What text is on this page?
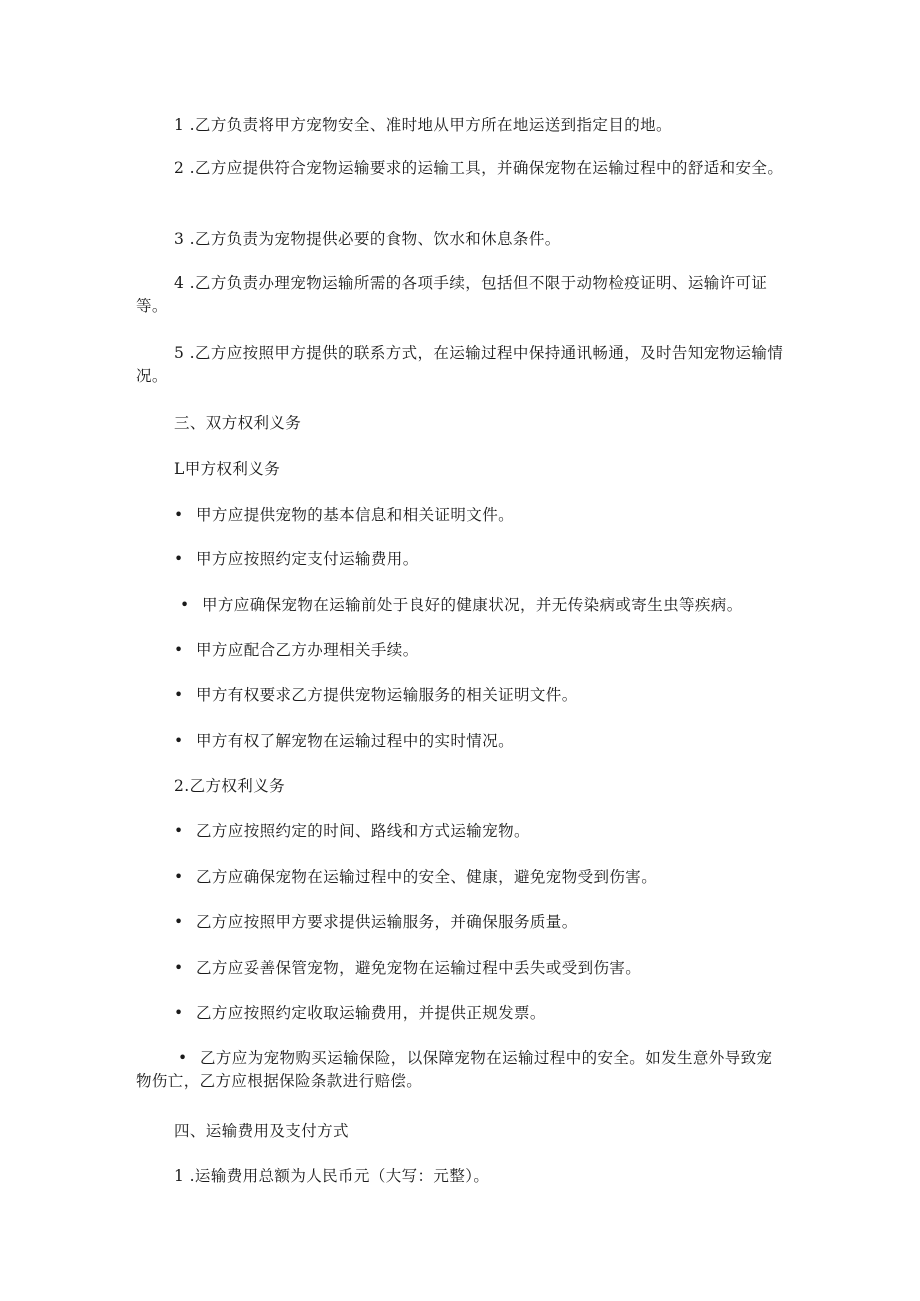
1 .乙方负责将甲方宠物安全、准时地从甲方所在地运送到指定目的地。

2 .乙方应提供符合宠物运输要求的运输工具，并确保宠物在运输过程中的舒适和安全。

3 .乙方负责为宠物提供必要的食物、饮水和休息条件。

4 .乙方负责办理宠物运输所需的各项手续，包括但不限于动物检疫证明、运输许可证等。

5 .乙方应按照甲方提供的联系方式，在运输过程中保持通讯畅通，及时告知宠物运输情况。

三、双方权利义务

L甲方权利义务

• 甲方应提供宠物的基本信息和相关证明文件。

• 甲方应按照约定支付运输费用。

• 甲方应确保宠物在运输前处于良好的健康状况，并无传染病或寄生虫等疾病。

• 甲方应配合乙方办理相关手续。

• 甲方有权要求乙方提供宠物运输服务的相关证明文件。

• 甲方有权了解宠物在运输过程中的实时情况。

2.乙方权利义务

• 乙方应按照约定的时间、路线和方式运输宠物。

• 乙方应确保宠物在运输过程中的安全、健康，避免宠物受到伤害。

• 乙方应按照甲方要求提供运输服务，并确保服务质量。

• 乙方应妥善保管宠物，避免宠物在运输过程中丢失或受到伤害。

• 乙方应按照约定收取运输费用，并提供正规发票。

• 乙方应为宠物购买运输保险，以保障宠物在运输过程中的安全。如发生意外导致宠物伤亡，乙方应根据保险条款进行赔偿。

四、运输费用及支付方式

1 .运输费用总额为人民币元（大写：元整）。
